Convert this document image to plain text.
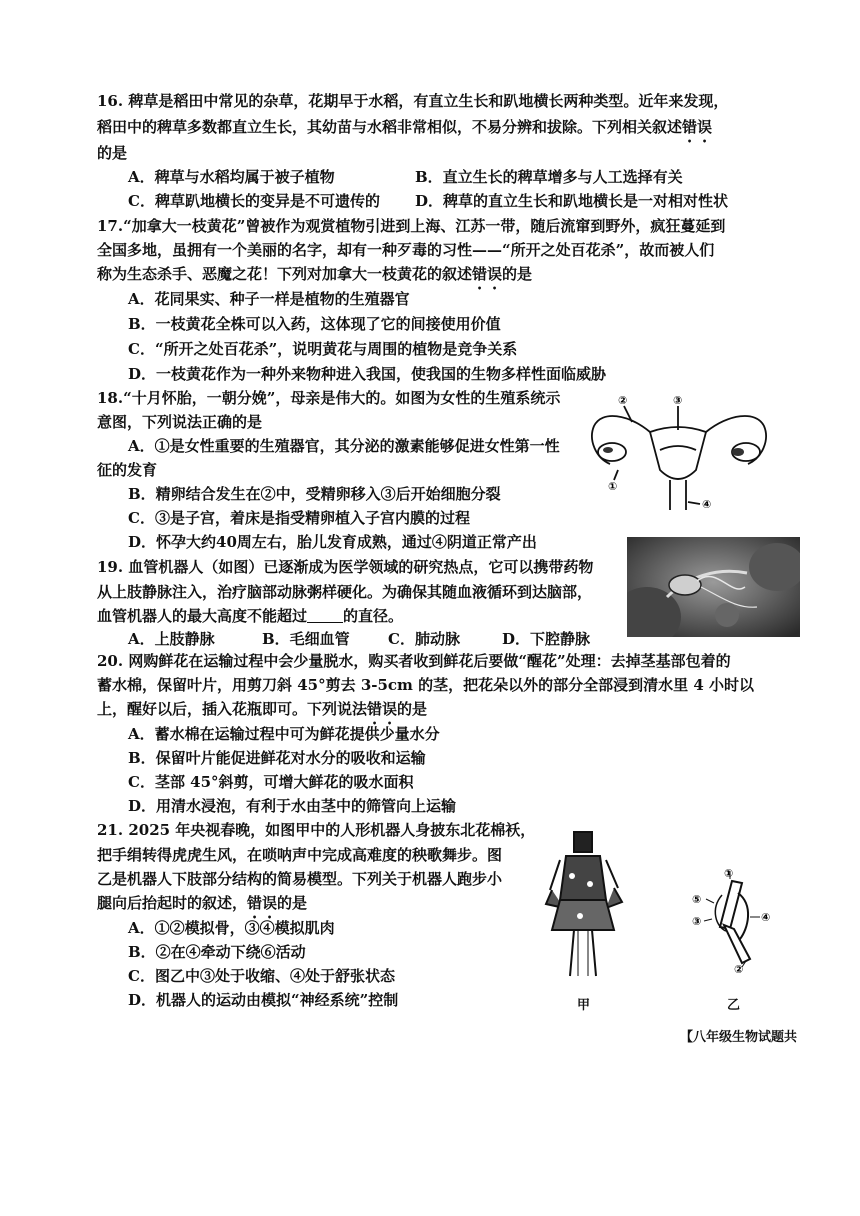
16. 稗草是稻田中常见的杂草，花期早于水稻，有直立生长和趴地横长两种类型。近年来发现，
稻田中的稗草多数都直立生长，其幼苗与水稻非常相似，不易分辨和拔除。下列相关叙述错误
的是
A．稗草与水稻均属于被子植物	B．直立生长的稗草增多与人工选择有关
C．稗草趴地横长的变异是不可遗传的 D．稗草的直立生长和趴地横长是一对相对性状
17.“加拿大一枝黄花”曾被作为观赏植物引进到上海、江苏一带，随后流窜到野外，疯狂蔓延到
全国多地，虽拥有一个美丽的名字，却有一种歹毒的习性——“所开之处百花杀”，故而被人们
称为生态杀手、恶魔之花！下列对加拿大一枝黄花的叙述错误的是
A．花同果实、种子一样是植物的生殖器官
B．一枝黄花全株可以入药，这体现了它的间接使用价值
C．“所开之处百花杀”，说明黄花与周围的植物是竞争关系
D．一枝黄花作为一种外来物种进入我国，使我国的生物多样性面临威胁
18.“十月怀胎，一朝分娩”，母亲是伟大的。如图为女性的生殖系统示
意图，下列说法正确的是
A．①是女性重要的生殖器官，其分泌的激素能够促进女性第一性
征的发育
B．精卵结合发生在②中，受精卵移入③后开始细胞分裂
C．③是子宫，着床是指受精卵植入子宫内膜的过程
D．怀孕大约40周左右，胎儿发育成熟，通过④阴道正常产出
②	③
①
④
19. 血管机器人（如图）已逐渐成为医学领域的研究热点，它可以携带药物
从上肢静脉注入，治疗脑部动脉粥样硬化。为确保其随血液循环到达脑部，
血管机器人的最大高度不能超过 的直径。
A．上肢静脉	B．毛细血管	C．肺动脉	D．下腔静脉
20. 网购鲜花在运输过程中会少量脱水，购买者收到鲜花后要做“醒花”处理：去掉茎基部包着的
蓄水棉，保留叶片，用剪刀斜 45°剪去 3-5cm 的茎，把花朵以外的部分全部浸到清水里 4 小时以
上，醒好以后，插入花瓶即可。下列说法错误的是
A．蓄水棉在运输过程中可为鲜花提供少量水分
B．保留叶片能促进鲜花对水分的吸收和运输
C．茎部 45°斜剪，可增大鲜花的吸水面积
D．用清水浸泡，有利于水由茎中的筛管向上运输
21. 2025 年央视春晚，如图甲中的人形机器人身披东北花棉袄，
把手绢转得虎虎生风，在唢呐声中完成高难度的秧歌舞步。图
乙是机器人下肢部分结构的简易模型。下列关于机器人跑步小
腿向后抬起时的叙述，错误的是
A．①②模拟骨，③④模拟肌肉
B．②在④牵动下绕⑥活动
C．图乙中③处于收缩、④处于舒张状态
D．机器人的运动由模拟“神经系统”控制	甲
①
⑤
③	④
②
乙
【八年级生物试题共
